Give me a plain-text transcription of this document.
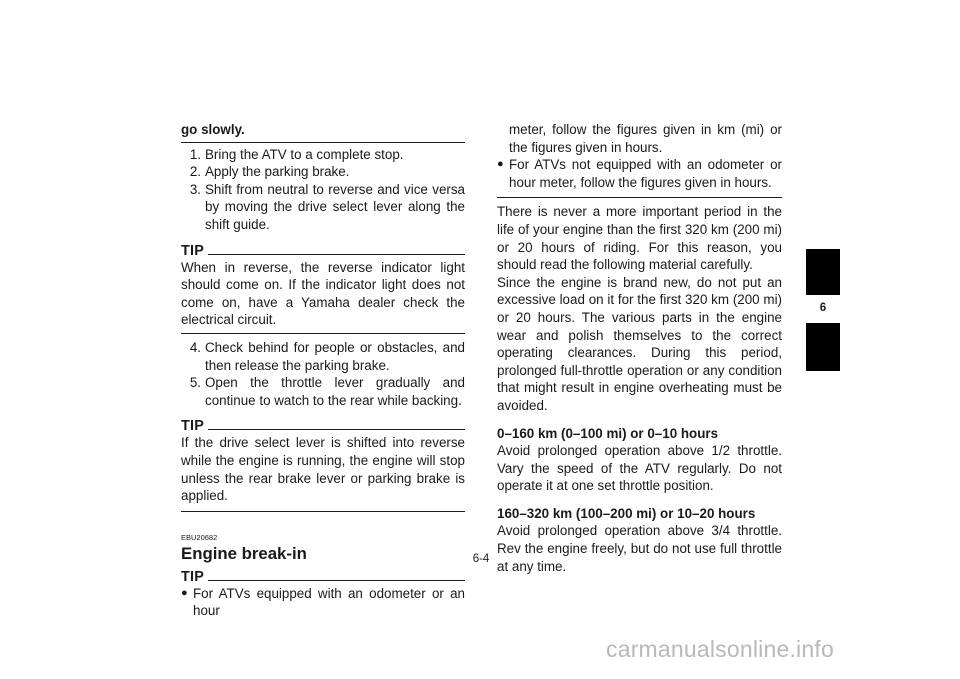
go slowly.
1. Bring the ATV to a complete stop.
2. Apply the parking brake.
3. Shift from neutral to reverse and vice versa by moving the drive select lever along the shift guide.
TIP
When in reverse, the reverse indicator light should come on. If the indicator light does not come on, have a Yamaha dealer check the electrical circuit.
4. Check behind for people or obstacles, and then release the parking brake.
5. Open the throttle lever gradually and continue to watch to the rear while backing.
TIP
If the drive select lever is shifted into reverse while the engine is running, the engine will stop unless the rear brake lever or parking brake is applied.
EBU20682
Engine break-in
TIP
● For ATVs equipped with an odometer or an hour
meter, follow the figures given in km (mi) or the figures given in hours.
● For ATVs not equipped with an odometer or hour meter, follow the figures given in hours.
There is never a more important period in the life of your engine than the first 320 km (200 mi) or 20 hours of riding. For this reason, you should read the following material carefully.
Since the engine is brand new, do not put an excessive load on it for the first 320 km (200 mi) or 20 hours. The various parts in the engine wear and polish themselves to the correct operating clearances. During this period, prolonged full-throttle operation or any condition that might result in engine overheating must be avoided.
0–160 km (0–100 mi) or 0–10 hours
Avoid prolonged operation above 1/2 throttle. Vary the speed of the ATV regularly. Do not operate it at one set throttle position.
160–320 km (100–200 mi) or 10–20 hours
Avoid prolonged operation above 3/4 throttle. Rev the engine freely, but do not use full throttle at any time.
6
6-4
carmanualsonline.info
